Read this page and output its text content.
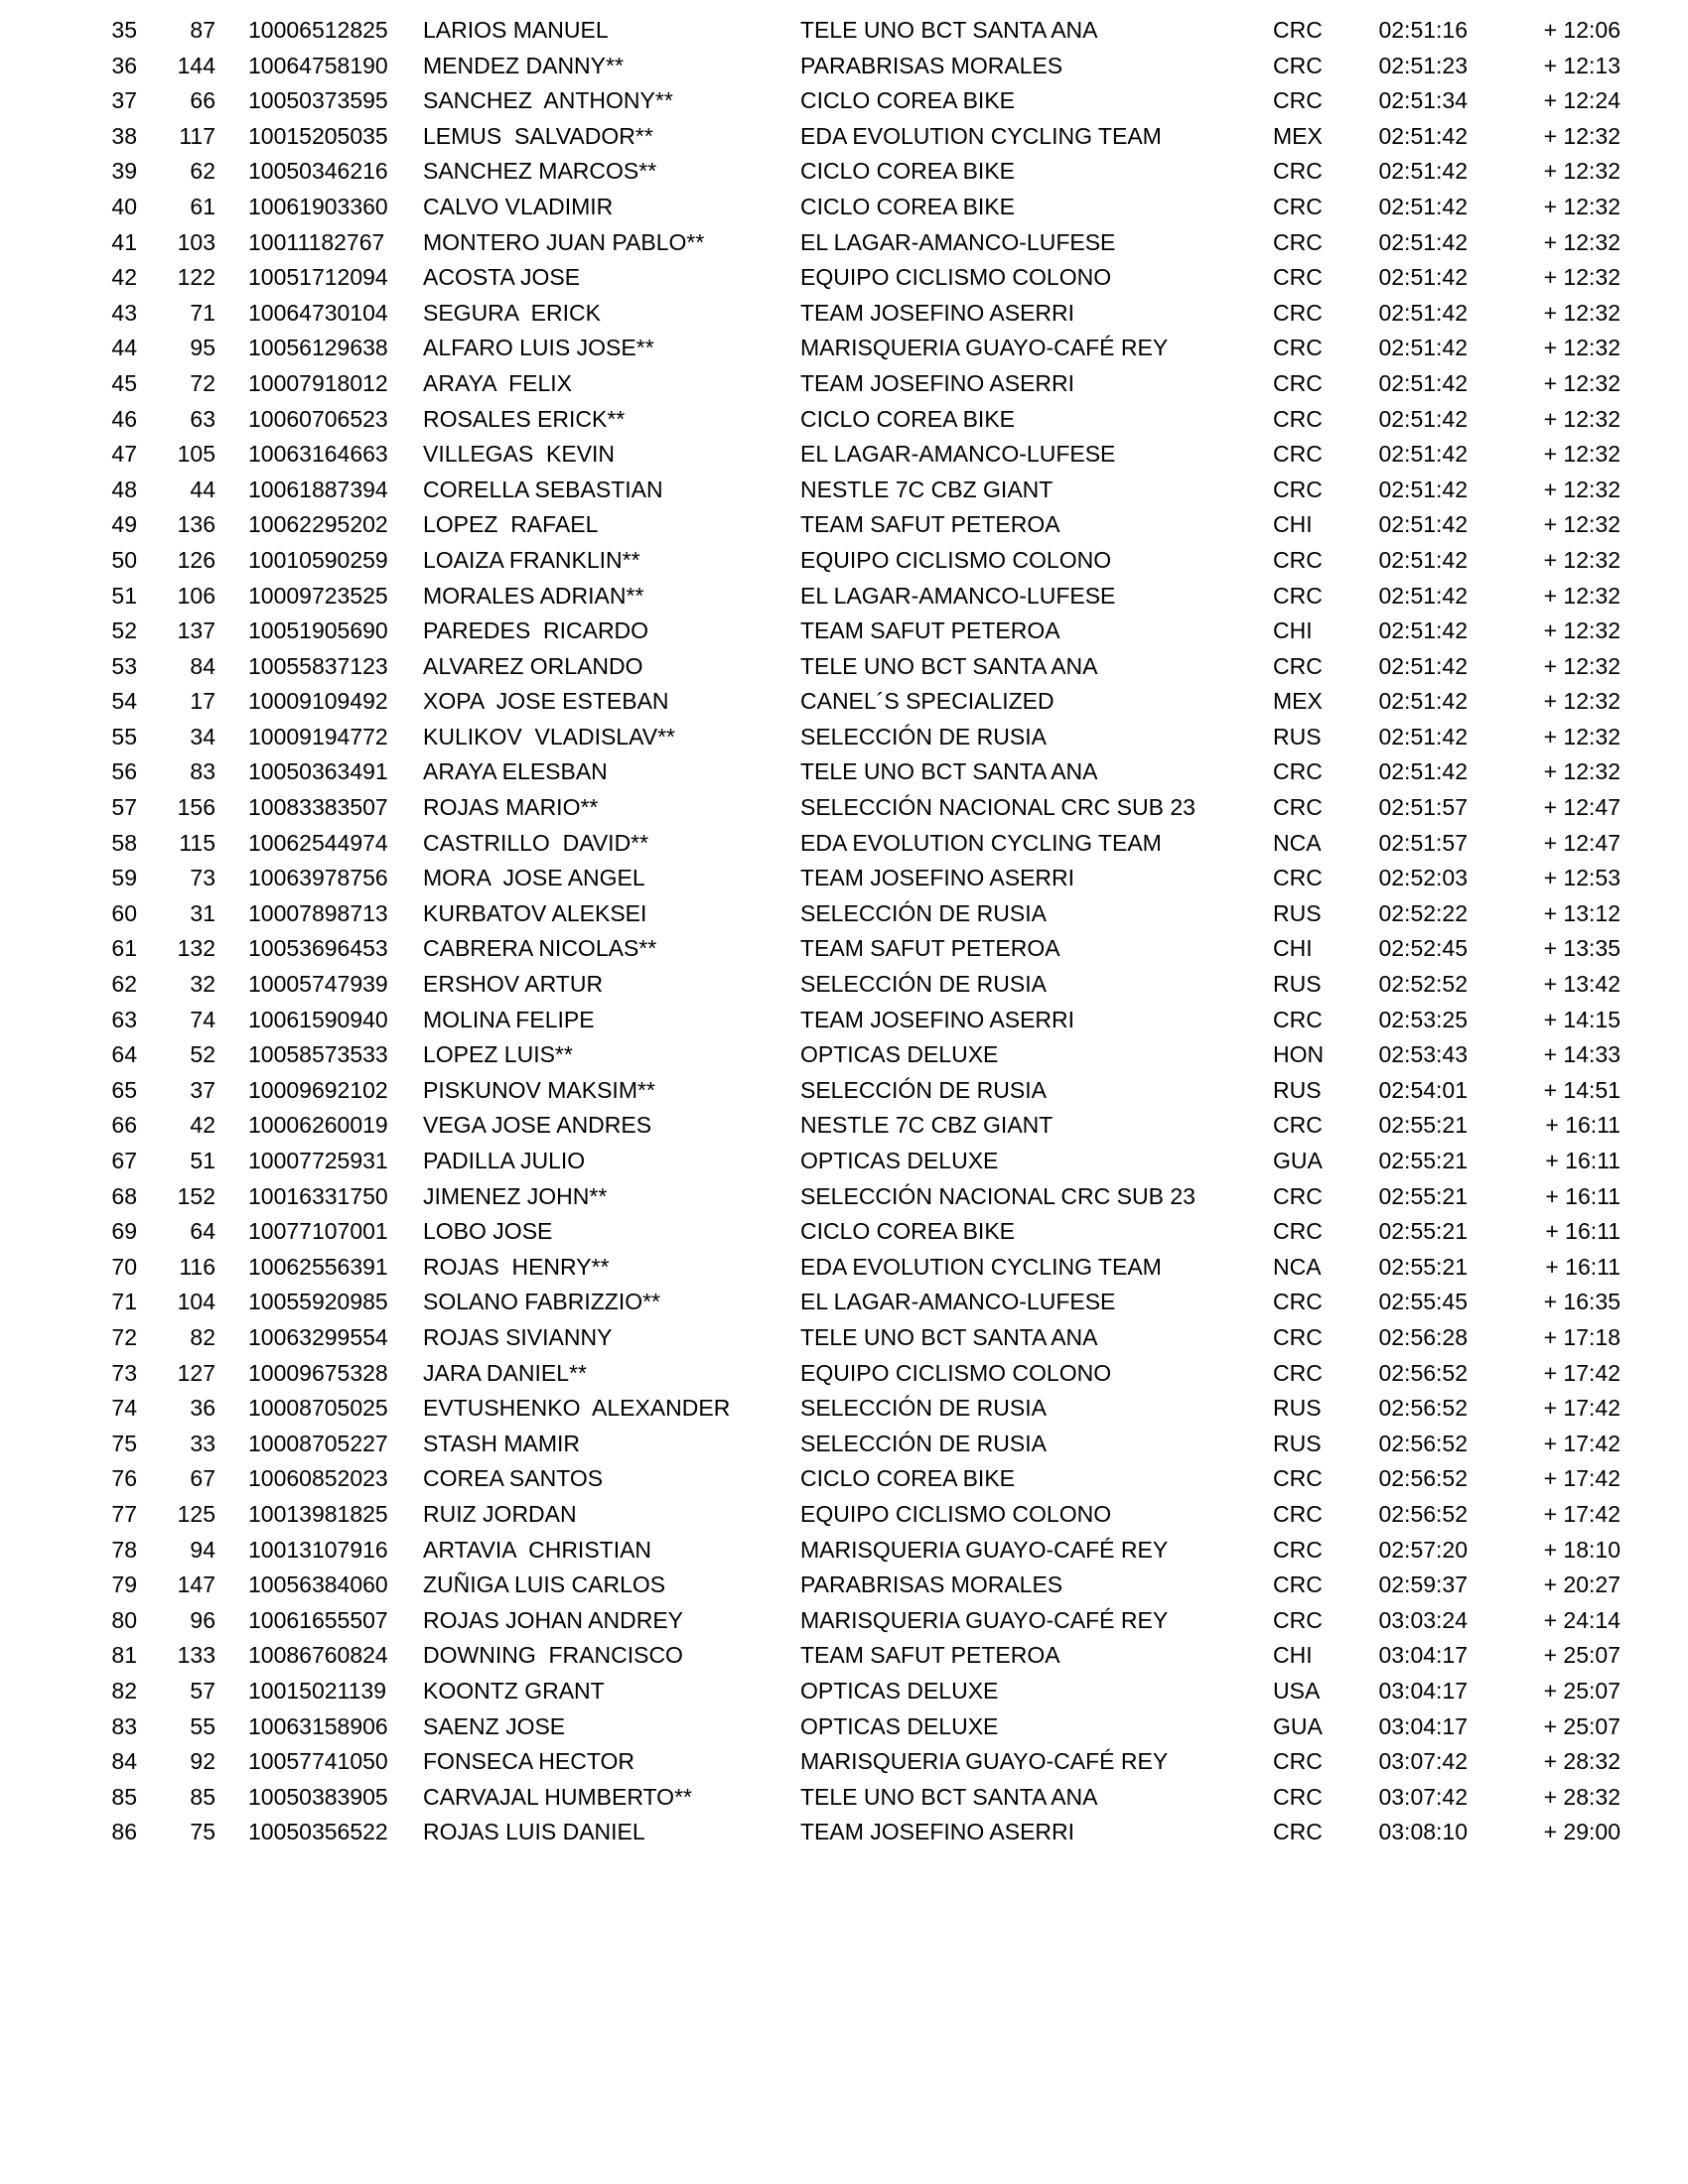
35	87	10006512825	LARIOS MANUEL	TELE UNO BCT SANTA ANA	CRC	02:51:16	+ 12:06
36	144	10064758190	MENDEZ DANNY**	PARABRISAS MORALES	CRC	02:51:23	+ 12:13
37	66	10050373595	SANCHEZ  ANTHONY**	CICLO COREA BIKE	CRC	02:51:34	+ 12:24
38	117	10015205035	LEMUS  SALVADOR**	EDA EVOLUTION CYCLING TEAM	MEX	02:51:42	+ 12:32
39	62	10050346216	SANCHEZ MARCOS**	CICLO COREA BIKE	CRC	02:51:42	+ 12:32
40	61	10061903360	CALVO VLADIMIR	CICLO COREA BIKE	CRC	02:51:42	+ 12:32
41	103	10011182767	MONTERO JUAN PABLO**	EL LAGAR-AMANCO-LUFESE	CRC	02:51:42	+ 12:32
42	122	10051712094	ACOSTA JOSE	EQUIPO CICLISMO COLONO	CRC	02:51:42	+ 12:32
43	71	10064730104	SEGURA  ERICK	TEAM JOSEFINO ASERRI	CRC	02:51:42	+ 12:32
44	95	10056129638	ALFARO LUIS JOSE**	MARISQUERIA GUAYO-CAFÉ REY	CRC	02:51:42	+ 12:32
45	72	10007918012	ARAYA  FELIX	TEAM JOSEFINO ASERRI	CRC	02:51:42	+ 12:32
46	63	10060706523	ROSALES ERICK**	CICLO COREA BIKE	CRC	02:51:42	+ 12:32
47	105	10063164663	VILLEGAS  KEVIN	EL LAGAR-AMANCO-LUFESE	CRC	02:51:42	+ 12:32
48	44	10061887394	CORELLA SEBASTIAN	NESTLE 7C CBZ GIANT	CRC	02:51:42	+ 12:32
49	136	10062295202	LOPEZ  RAFAEL	TEAM SAFUT PETEROA	CHI	02:51:42	+ 12:32
50	126	10010590259	LOAIZA FRANKLIN**	EQUIPO CICLISMO COLONO	CRC	02:51:42	+ 12:32
51	106	10009723525	MORALES ADRIAN**	EL LAGAR-AMANCO-LUFESE	CRC	02:51:42	+ 12:32
52	137	10051905690	PAREDES  RICARDO	TEAM SAFUT PETEROA	CHI	02:51:42	+ 12:32
53	84	10055837123	ALVAREZ ORLANDO	TELE UNO BCT SANTA ANA	CRC	02:51:42	+ 12:32
54	17	10009109492	XOPA  JOSE ESTEBAN	CANEL´S SPECIALIZED	MEX	02:51:42	+ 12:32
55	34	10009194772	KULIKOV  VLADISLAV**	SELECCIÓN DE RUSIA	RUS	02:51:42	+ 12:32
56	83	10050363491	ARAYA ELESBAN	TELE UNO BCT SANTA ANA	CRC	02:51:42	+ 12:32
57	156	10083383507	ROJAS MARIO**	SELECCIÓN NACIONAL CRC SUB 23	CRC	02:51:57	+ 12:47
58	115	10062544974	CASTRILLO  DAVID**	EDA EVOLUTION CYCLING TEAM	NCA	02:51:57	+ 12:47
59	73	10063978756	MORA  JOSE ANGEL	TEAM JOSEFINO ASERRI	CRC	02:52:03	+ 12:53
60	31	10007898713	KURBATOV ALEKSEI	SELECCIÓN DE RUSIA	RUS	02:52:22	+ 13:12
61	132	10053696453	CABRERA NICOLAS**	TEAM SAFUT PETEROA	CHI	02:52:45	+ 13:35
62	32	10005747939	ERSHOV ARTUR	SELECCIÓN DE RUSIA	RUS	02:52:52	+ 13:42
63	74	10061590940	MOLINA FELIPE	TEAM JOSEFINO ASERRI	CRC	02:53:25	+ 14:15
64	52	10058573533	LOPEZ LUIS**	OPTICAS DELUXE	HON	02:53:43	+ 14:33
65	37	10009692102	PISKUNOV MAKSIM**	SELECCIÓN DE RUSIA	RUS	02:54:01	+ 14:51
66	42	10006260019	VEGA JOSE ANDRES	NESTLE 7C CBZ GIANT	CRC	02:55:21	+ 16:11
67	51	10007725931	PADILLA JULIO	OPTICAS DELUXE	GUA	02:55:21	+ 16:11
68	152	10016331750	JIMENEZ JOHN**	SELECCIÓN NACIONAL CRC SUB 23	CRC	02:55:21	+ 16:11
69	64	10077107001	LOBO JOSE	CICLO COREA BIKE	CRC	02:55:21	+ 16:11
70	116	10062556391	ROJAS  HENRY**	EDA EVOLUTION CYCLING TEAM	NCA	02:55:21	+ 16:11
71	104	10055920985	SOLANO FABRIZZIO**	EL LAGAR-AMANCO-LUFESE	CRC	02:55:45	+ 16:35
72	82	10063299554	ROJAS SIVIANNY	TELE UNO BCT SANTA ANA	CRC	02:56:28	+ 17:18
73	127	10009675328	JARA DANIEL**	EQUIPO CICLISMO COLONO	CRC	02:56:52	+ 17:42
74	36	10008705025	EVTUSHENKO  ALEXANDER	SELECCIÓN DE RUSIA	RUS	02:56:52	+ 17:42
75	33	10008705227	STASH MAMIR	SELECCIÓN DE RUSIA	RUS	02:56:52	+ 17:42
76	67	10060852023	COREA SANTOS	CICLO COREA BIKE	CRC	02:56:52	+ 17:42
77	125	10013981825	RUIZ JORDAN	EQUIPO CICLISMO COLONO	CRC	02:56:52	+ 17:42
78	94	10013107916	ARTAVIA  CHRISTIAN	MARISQUERIA GUAYO-CAFÉ REY	CRC	02:57:20	+ 18:10
79	147	10056384060	ZUÑIGA LUIS CARLOS	PARABRISAS MORALES	CRC	02:59:37	+ 20:27
80	96	10061655507	ROJAS JOHAN ANDREY	MARISQUERIA GUAYO-CAFÉ REY	CRC	03:03:24	+ 24:14
81	133	10086760824	DOWNING  FRANCISCO	TEAM SAFUT PETEROA	CHI	03:04:17	+ 25:07
82	57	10015021139	KOONTZ GRANT	OPTICAS DELUXE	USA	03:04:17	+ 25:07
83	55	10063158906	SAENZ JOSE	OPTICAS DELUXE	GUA	03:04:17	+ 25:07
84	92	10057741050	FONSECA HECTOR	MARISQUERIA GUAYO-CAFÉ REY	CRC	03:07:42	+ 28:32
85	85	10050383905	CARVAJAL HUMBERTO**	TELE UNO BCT SANTA ANA	CRC	03:07:42	+ 28:32
86	75	10050356522	ROJAS LUIS DANIEL	TEAM JOSEFINO ASERRI	CRC	03:08:10	+ 29:00
